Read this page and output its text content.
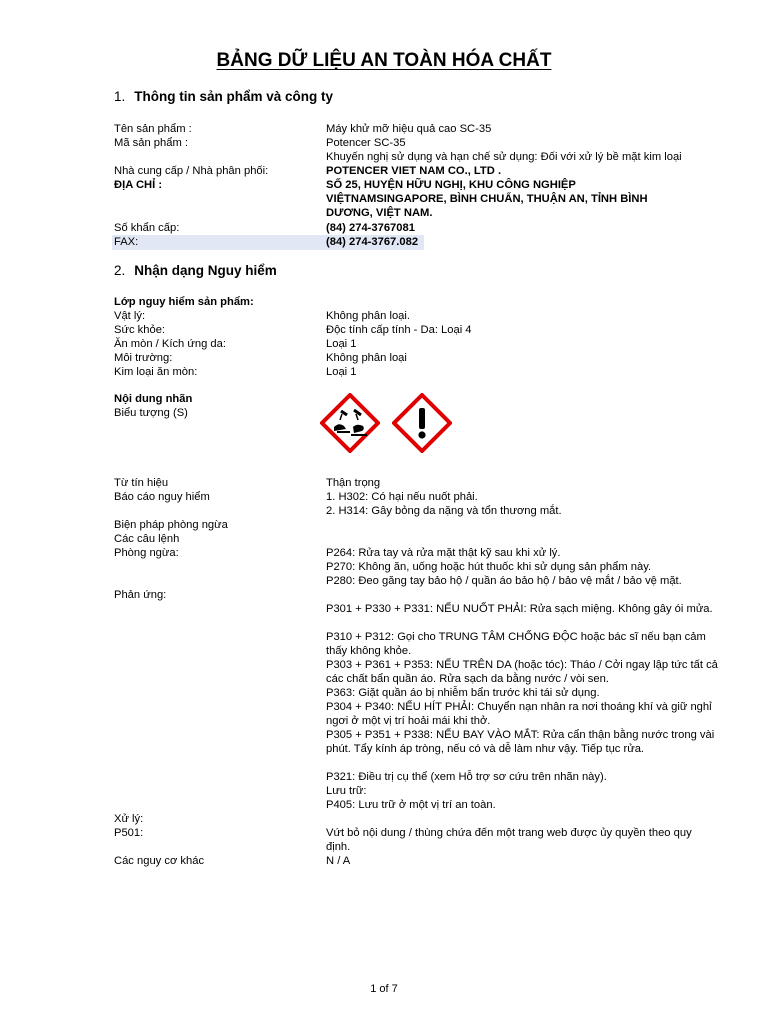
BẢNG DỮ LIỆU AN TOÀN HÓA CHẤT
1. Thông tin sản phẩm và công ty
Tên sản phẩm :	Máy khử mỡ hiệu quả cao SC-35
Mã sản phẩm :	Potencer SC-35
Khuyến nghị sử dụng và hạn chế sử dụng: Đối với xử lý bề mặt kim loại
Nhà cung cấp / Nhà phân phối:	POTENCER VIET NAM CO., LTD .
ĐỊA CHỈ :	SỐ 25, HUYỆN HỮU NGHỊ, KHU CÔNG NGHIỆP
VIỆTNAMSINGAPORE, BÌNH CHUẨN, THUẬN AN, TỈNH BÌNH
DƯƠNG, VIỆT NAM.
Số khẩn cấp:	(84) 274-3767081
FAX:	(84) 274-3767.082
2. Nhận dạng Nguy hiểm
Lớp nguy hiểm sản phẩm:
Vật lý:	Không phân loại.
Sức khỏe:	Độc tính cấp tính - Da: Loại 4
Ăn mòn / Kích ứng da:	Loại 1
Môi trường:	Không phân loại
Kim loại ăn mòn:	Loại 1
Nội dung nhãn
Biểu tượng (S)
Từ tín hiệu	Thận trọng
Báo cáo nguy hiểm	1. H302: Có hại nếu nuốt phải.
2. H314: Gây bỏng da nặng và tổn thương mắt.
Biện pháp phòng ngừa
Các câu lệnh
Phòng ngừa:	P264: Rửa tay và rửa mặt thật kỹ sau khi xử lý.
P270: Không ăn, uống hoặc hút thuốc khi sử dụng sản phẩm này.
P280: Đeo găng tay bảo hộ / quần áo bảo hộ / bảo vệ mắt / bảo vệ mặt.
Phản ứng:
P301 + P330 + P331: NẾU NUỐT PHẢI: Rửa sạch miệng. Không gây ói mửa.
P310 + P312: Gọi cho TRUNG TÂM CHỐNG ĐỘC hoặc bác sĩ nếu bạn cảm thấy không khỏe.
P303 + P361 + P353: NẾU TRÊN DA (hoặc tóc): Tháo / Cởi ngay lập tức tất cả các chất bẩn quần áo. Rửa sạch da bằng nước / vòi sen.
P363: Giặt quần áo bị nhiễm bẩn trước khi tái sử dụng.
P304 + P340: NẾU HÍT PHẢI: Chuyển nạn nhân ra nơi thoáng khí và giữ nghỉ ngơi ở một vị trí hoải mái khi thở.
P305 + P351 + P338: NẾU BAY VÀO MẮT: Rửa cẩn thận bằng nước trong vài phút. Tẩy kính áp tròng, nếu có và dễ làm như vậy. Tiếp tục rửa.
P321: Điều trị cụ thể (xem Hỗ trợ sơ cứu trên nhãn này).
Lưu trữ:
P405: Lưu trữ ở một vị trí an toàn.
Xử lý:
P501:	Vứt bỏ nội dung / thùng chứa đến một trang web được ủy quyền theo quy định.
Các nguy cơ khác	N / A
1 of 7
